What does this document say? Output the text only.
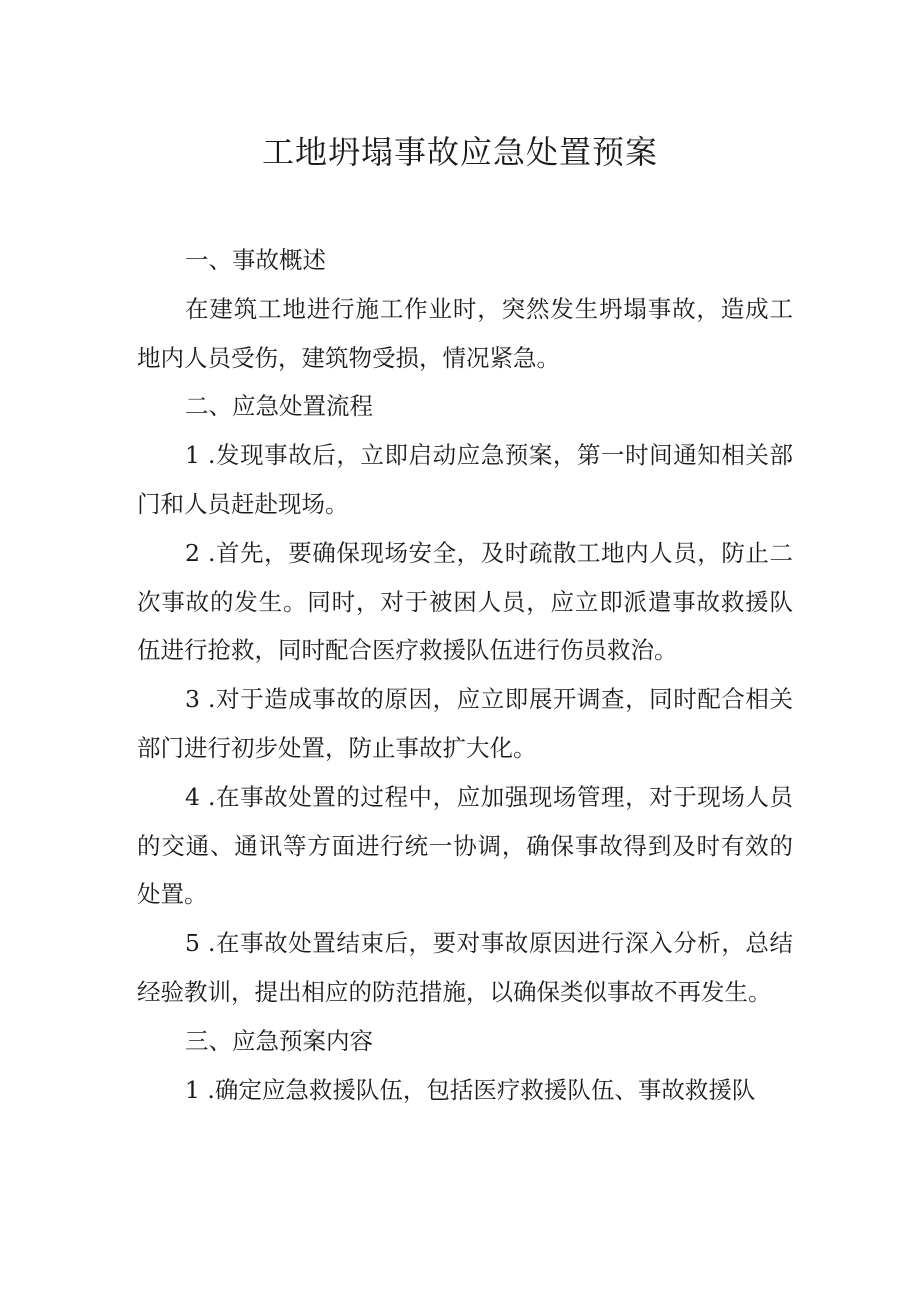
工地坍塌事故应急处置预案

一、事故概述

在建筑工地进行施工作业时，突然发生坍塌事故，造成工地内人员受伤，建筑物受损，情况紧急。

二、应急处置流程

1 .发现事故后，立即启动应急预案，第一时间通知相关部门和人员赶赴现场。

2 .首先，要确保现场安全，及时疏散工地内人员，防止二次事故的发生。同时，对于被困人员，应立即派遣事故救援队伍进行抢救，同时配合医疗救援队伍进行伤员救治。

3 .对于造成事故的原因，应立即展开调查，同时配合相关部门进行初步处置，防止事故扩大化。

4 .在事故处置的过程中，应加强现场管理，对于现场人员的交通、通讯等方面进行统一协调，确保事故得到及时有效的处置。

5 .在事故处置结束后，要对事故原因进行深入分析，总结经验教训，提出相应的防范措施，以确保类似事故不再发生。

三、应急预案内容

1 .确定应急救援队伍，包括医疗救援队伍、事故救援队
